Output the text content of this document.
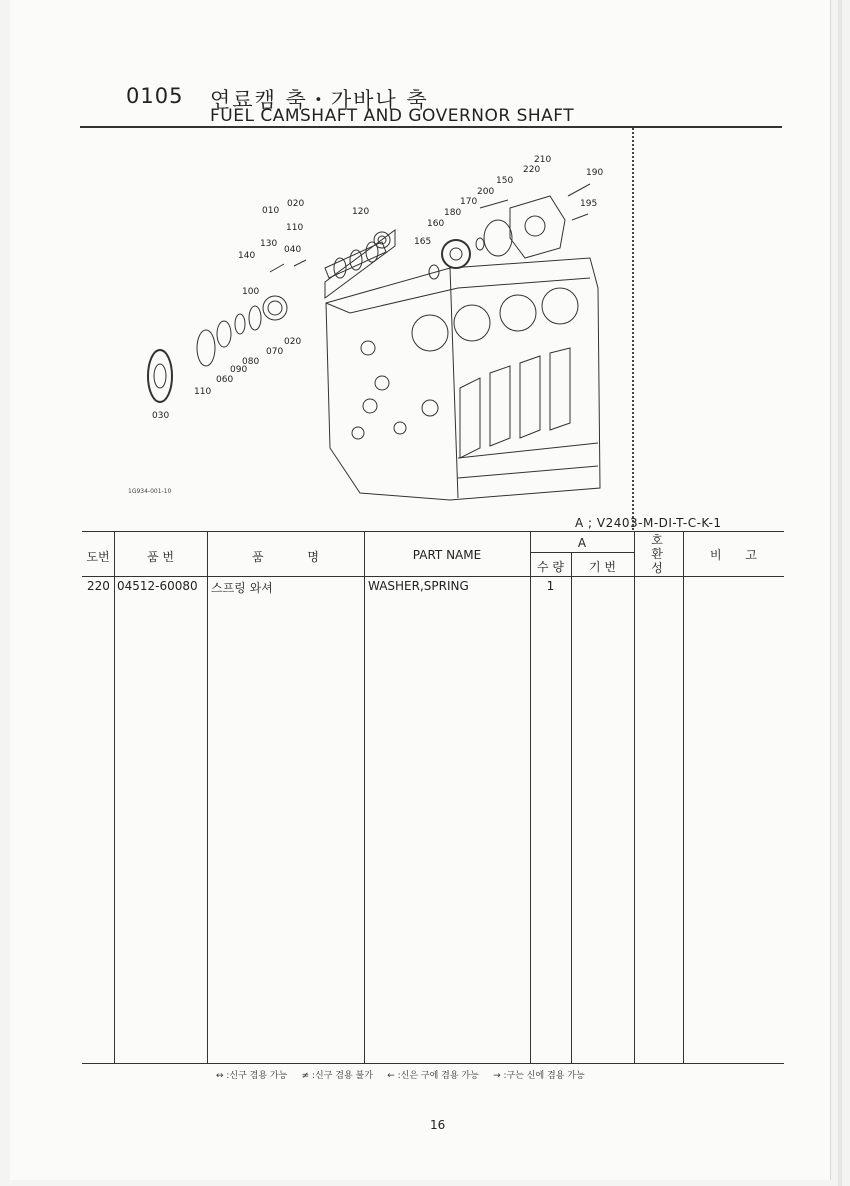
0105 연료캠 축・가바나 축
FUEL CAMSHAFT AND GOVERNOR SHAFT
210
220	190
150
200
195
170
180
160
120
165
010
020
110
130
040
140
100
070
020
080
090
060
110
030
1G934-001-10
A ; V2403-M-DI-T-C-K-1
도번	품 번	품 명	PART NAME
A
수 량	기 번
호환성
비 고
220 04512-60080 스프링 와셔	WASHER,SPRING	1
↔ :신구 겸용 가능     ≠ :신구 겸용 불가     ← :신은 구에 겸용 가능     → :구는 신에 겸용 가능
16
